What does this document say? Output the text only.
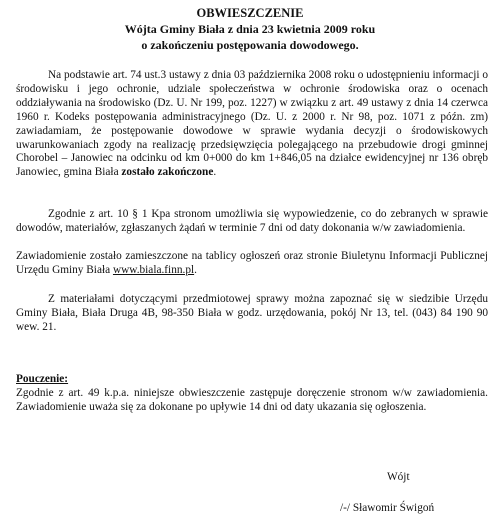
OBWIESZCZENIE
Wójta Gminy Biała z dnia 23 kwietnia 2009 roku
o zakończeniu postępowania dowodowego.

Na podstawie art. 74 ust.3 ustawy z dnia 03 października 2008 roku o udostępnieniu informacji o środowisku i jego ochronie, udziale społeczeństwa w ochronie środowiska oraz o ocenach oddziaływania na środowisko (Dz. U. Nr 199, poz. 1227) w związku z art. 49 ustawy z dnia 14 czerwca 1960 r. Kodeks postępowania administracyjnego (Dz. U. z 2000 r. Nr 98, poz. 1071 z późn. zm) zawiadamiam, że postępowanie dowodowe w sprawie wydania decyzji o środowiskowych uwarunkowaniach zgody na realizację przedsięwzięcia polegającego na przebudowie drogi gminnej Chorobel – Janowiec na odcinku od km 0+000 do km 1+846,05 na działce ewidencyjnej nr 136 obręb Janowiec, gmina Biała zostało zakończone.

Zgodnie z art. 10 § 1 Kpa stronom umożliwia się wypowiedzenie, co do zebranych w sprawie dowodów, materiałów, zgłaszanych żądań w terminie 7 dni od daty dokonania w/w zawiadomienia.

Zawiadomienie zostało zamieszczone na tablicy ogłoszeń oraz stronie Biuletynu Informacji Publicznej Urzędu Gminy Biała www.biala.finn.pl.

Z materiałami dotyczącymi przedmiotowej sprawy można zapoznać się w siedzibie Urzędu Gminy Biała, Biała Druga 4B, 98-350 Biała w godz. urzędowania, pokój Nr 13, tel. (043) 84 190 90 wew. 21.

Pouczenie:

Zgodnie z art. 49 k.p.a. niniejsze obwieszczenie zastępuje doręczenie stronom w/w zawiadomienia. Zawiadomienie uważa się za dokonane po upływie 14 dni od daty ukazania się ogłoszenia.

Wójt
/-/ Sławomir Świgoń
